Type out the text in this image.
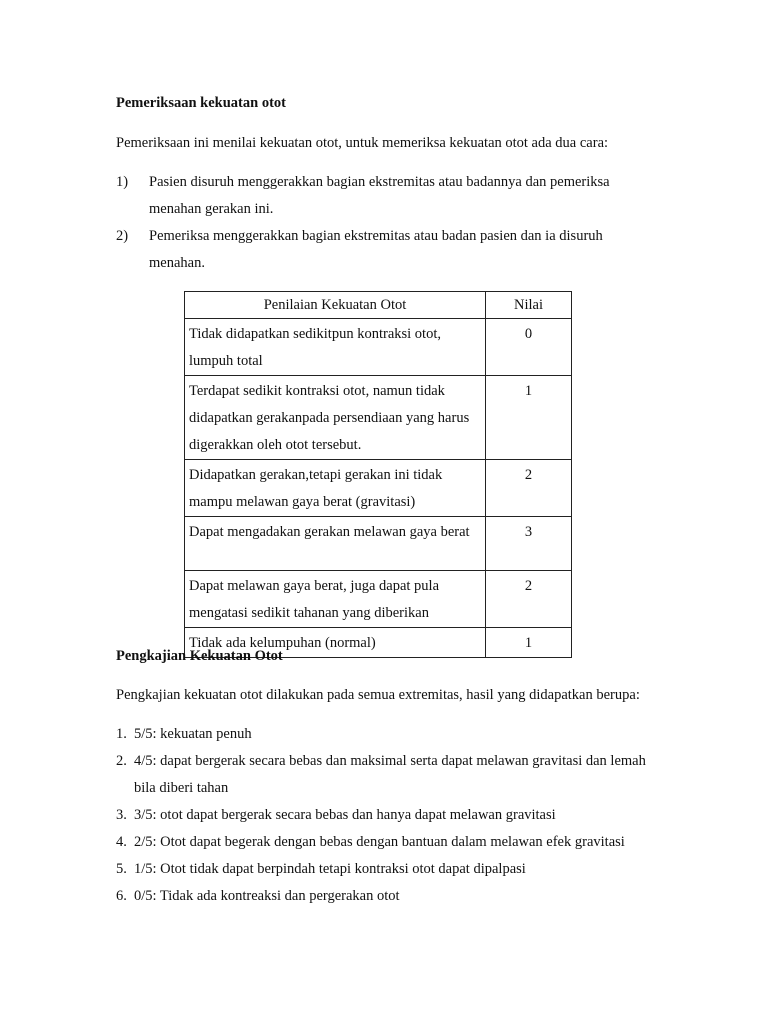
Pemeriksaan kekuatan otot
Pemeriksaan ini menilai kekuatan otot, untuk memeriksa kekuatan otot ada dua cara:
1) Pasien disuruh menggerakkan bagian ekstremitas atau badannya dan pemeriksa
menahan gerakan ini.
2) Pemeriksa menggerakkan bagian ekstremitas atau badan pasien dan ia disuruh
menahan.
Penilaian Kekuatan Otot	Nilai

Tidak didapatkan sedikitpun kontraksi otot, lumpuh total	0

Terdapat sedikit kontraksi otot, namun tidak didapatkan gerakanpada persendiaan yang harus digerakkan oleh otot tersebut.	1

Didapatkan gerakan,tetapi gerakan ini tidak mampu melawan gaya berat (gravitasi)	2

Dapat mengadakan gerakan melawan gaya berat	3

Dapat melawan gaya berat, juga dapat pula mengatasi sedikit tahanan yang diberikan	2

Tidak ada kelumpuhan (normal)	1
Pengkajian Kekuatan Otot
Pengkajian kekuatan otot dilakukan pada semua extremitas, hasil yang didapatkan berupa:
1. 5/5: kekuatan penuh
2. 4/5: dapat bergerak secara bebas dan maksimal serta dapat melawan gravitasi dan lemah
bila diberi tahan
3. 3/5: otot dapat bergerak secara bebas dan hanya dapat melawan gravitasi
4. 2/5: Otot dapat begerak dengan bebas dengan bantuan dalam melawan efek gravitasi
5. 1/5: Otot tidak dapat berpindah tetapi kontraksi otot dapat dipalpasi
6. 0/5: Tidak ada kontreaksi dan pergerakan otot
